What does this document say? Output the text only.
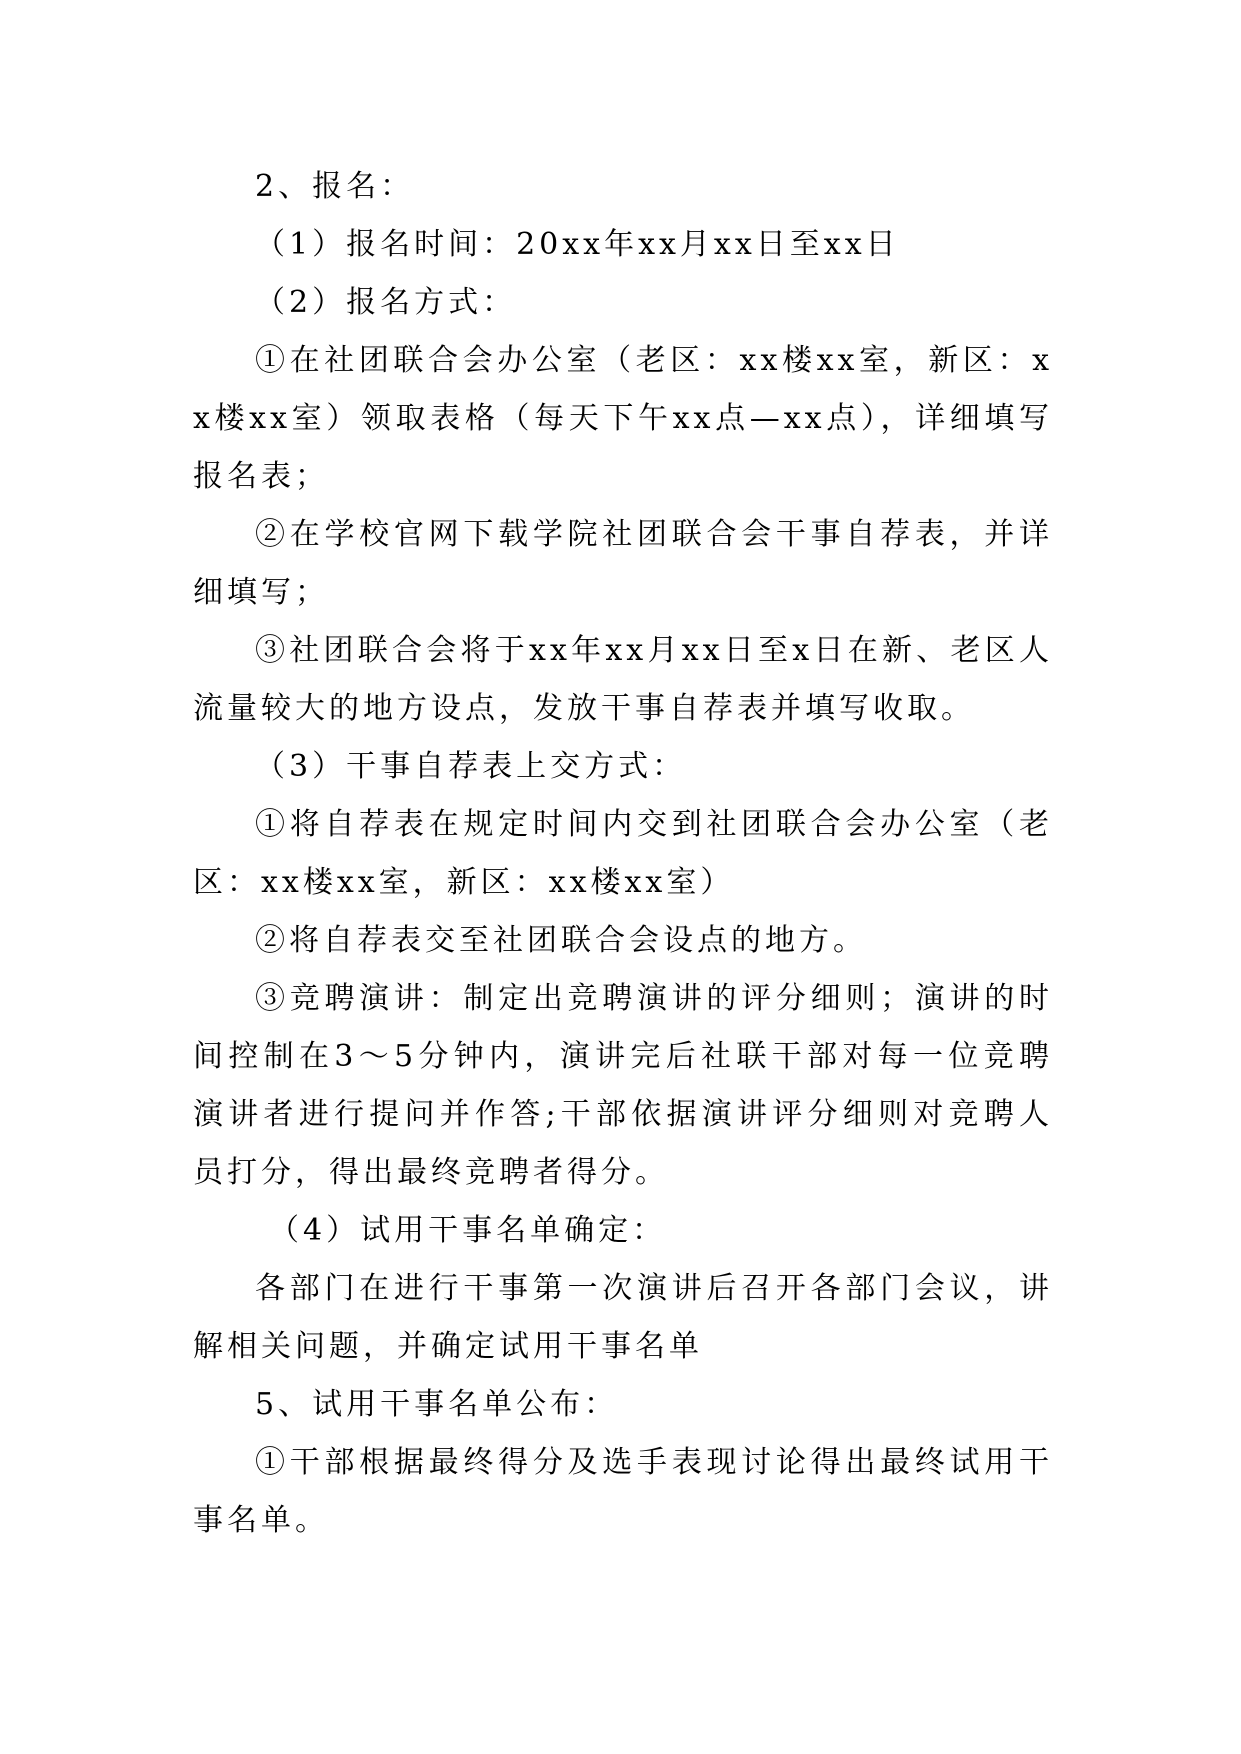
2、报名：

（1）报名时间：20xx年xx月xx日至xx日

（2）报名方式：

①在社团联合会办公室（老区：xx楼xx室，新区：xx楼xx室）领取表格（每天下午xx点—xx点），详细填写报名表；

②在学校官网下载学院社团联合会干事自荐表，并详细填写；

③社团联合会将于xx年xx月xx日至x日在新、老区人流量较大的地方设点，发放干事自荐表并填写收取。

（3）干事自荐表上交方式：

①将自荐表在规定时间内交到社团联合会办公室（老区：xx楼xx室，新区：xx楼xx室）

②将自荐表交至社团联合会设点的地方。

③竞聘演讲：制定出竞聘演讲的评分细则；演讲的时间控制在3～5分钟内，演讲完后社联干部对每一位竞聘演讲者进行提问并作答;干部依据演讲评分细则对竞聘人员打分，得出最终竞聘者得分。

（4）试用干事名单确定：

各部门在进行干事第一次演讲后召开各部门会议，讲解相关问题，并确定试用干事名单

5、试用干事名单公布：

①干部根据最终得分及选手表现讨论得出最终试用干事名单。
